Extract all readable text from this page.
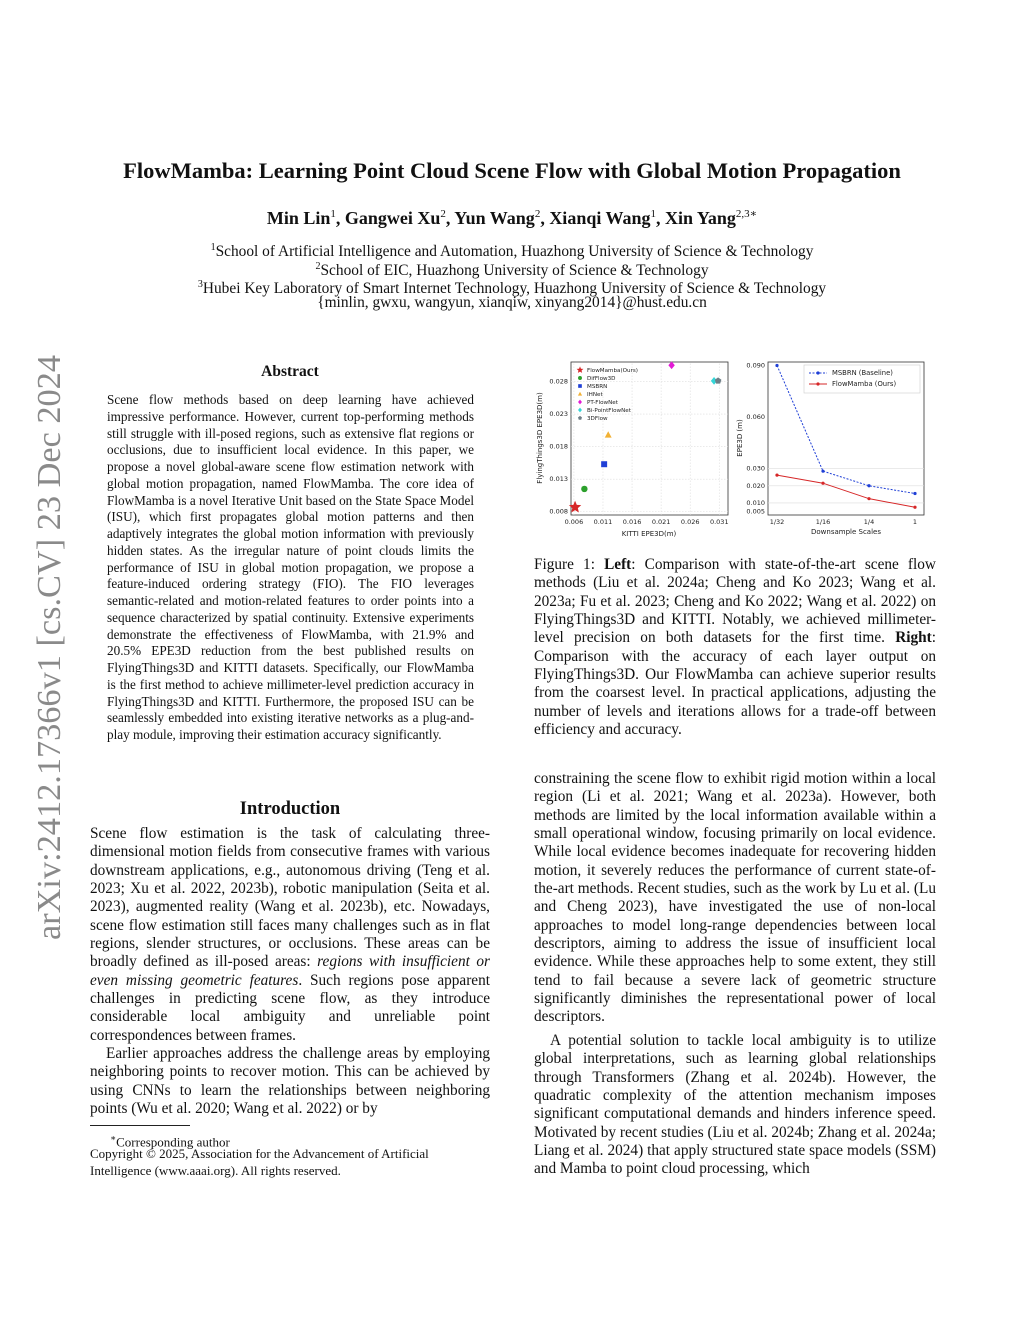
arXiv:2412.17366v1 [cs.CV] 23 Dec 2024
FlowMamba: Learning Point Cloud Scene Flow with Global Motion Propagation
Min Lin$^1$, Gangwei Xu$^2$, Yun Wang$^2$, Xianqi Wang$^1$, Xin Yang$^{2,3∗}$
$^1$School of Artificial Intelligence and Automation, Huazhong University of Science & Technology
$^2$School of EIC, Huazhong University of Science & Technology
$^3$Hubei Key Laboratory of Smart Internet Technology, Huazhong University of Science & Technology
{minlin, gwxu, wangyun, xianqiw, xinyang2014}@hust.edu.cn
Abstract
Scene flow methods based on deep learning have achieved impressive performance. However, current top-performing methods still struggle with ill-posed regions, such as extensive flat regions or occlusions, due to insufficient local evidence. In this paper, we propose a novel global-aware scene flow estimation network with global motion propagation, named FlowMamba. The core idea of FlowMamba is a novel Iterative Unit based on the State Space Model (ISU), which first propagates global motion patterns and then adaptively integrates the global motion information with previously hidden states. As the irregular nature of point clouds limits the performance of ISU in global motion propagation, we propose a feature-induced ordering strategy (FIO). The FIO leverages semantic-related and motion-related features to order points into a sequence characterized by spatial continuity. Extensive experiments demonstrate the effectiveness of FlowMamba, with 21.9% and 20.5% EPE3D reduction from the best published results on FlyingThings3D and KITTI datasets. Specifically, our FlowMamba is the first method to achieve millimeter-level prediction accuracy in FlyingThings3D and KITTI. Furthermore, the proposed ISU can be seamlessly embedded into existing iterative networks as a plug-and-play module, improving their estimation accuracy significantly.
Introduction

Scene flow estimation is the task of calculating three-dimensional motion fields from consecutive frames with various downstream applications, e.g., autonomous driving (Teng et al. 2023; Xu et al. 2022, 2023b), robotic manipulation (Seita et al. 2023), augmented reality (Wang et al. 2023b), etc. Nowadays, scene flow estimation still faces many challenges such as in flat regions, slender structures, or occlusions. These areas can be broadly defined as ill-posed areas: regions with insufficient or even missing geometric features. Such regions pose apparent challenges in predicting scene flow, as they introduce considerable local ambiguity and unreliable point correspondences between frames.

Earlier approaches address the challenge areas by employing neighboring points to recover motion. This can be achieved by using CNNs to learn the relationships between neighboring points (Wu et al. 2020; Wang et al. 2022) or by

∗Corresponding author
Copyright © 2025, Association for the Advancement of Artificial Intelligence (www.aaai.org). All rights reserved.
0.006 0.011 0.016 0.021 0.026 0.031
0.008
0.013
0.018
0.023
0.028
FlowMamba(Ours)
DifFlow3D
MSBRN
IHNet
PT-FlowNet
Bi-PointFlowNet
3DFlow
KITTI EPE3D(m)
FlyingThings3D EPE3D(m)
0.005
0.010
0.020
0.030
0.060
0.090
1/32	1/16	1/4	1
MSBRN (Baseline)
FlowMamba (Ours)
Downsample Scales
EPE3D (m)
Figure 1: Left: Comparison with state-of-the-art scene flow methods (Liu et al. 2024a; Cheng and Ko 2023; Wang et al. 2023a; Fu et al. 2023; Cheng and Ko 2022; Wang et al. 2022) on FlyingThings3D and KITTI. Notably, we achieved millimeter-level precision on both datasets for the first time. Right: Comparison with the accuracy of each layer output on FlyingThings3D. Our FlowMamba can achieve superior results from the coarsest level. In practical applications, adjusting the number of levels and iterations allows for a trade-off between efficiency and accuracy.

constraining the scene flow to exhibit rigid motion within a local region (Li et al. 2021; Wang et al. 2023a). However, both methods are limited by the local information available within a small operational window, focusing primarily on local evidence. While local evidence becomes inadequate for recovering hidden motion, it severely reduces the performance of current state-of-the-art methods. Recent studies, such as the work by Lu et al. (Lu and Cheng 2023), have investigated the use of non-local approaches to model long-range dependencies between local descriptors, aiming to address the issue of insufficient local evidence. While these approaches help to some extent, they still tend to fail because a severe lack of geometric structure significantly diminishes the representational power of local descriptors.

A potential solution to tackle local ambiguity is to utilize global interpretations, such as learning global relationships through Transformers (Zhang et al. 2024b). However, the quadratic complexity of the attention mechanism imposes significant computational demands and hinders inference speed. Motivated by recent studies (Liu et al. 2024b; Zhang et al. 2024a; Liang et al. 2024) that apply structured state space models (SSM) and Mamba to point cloud processing, which
